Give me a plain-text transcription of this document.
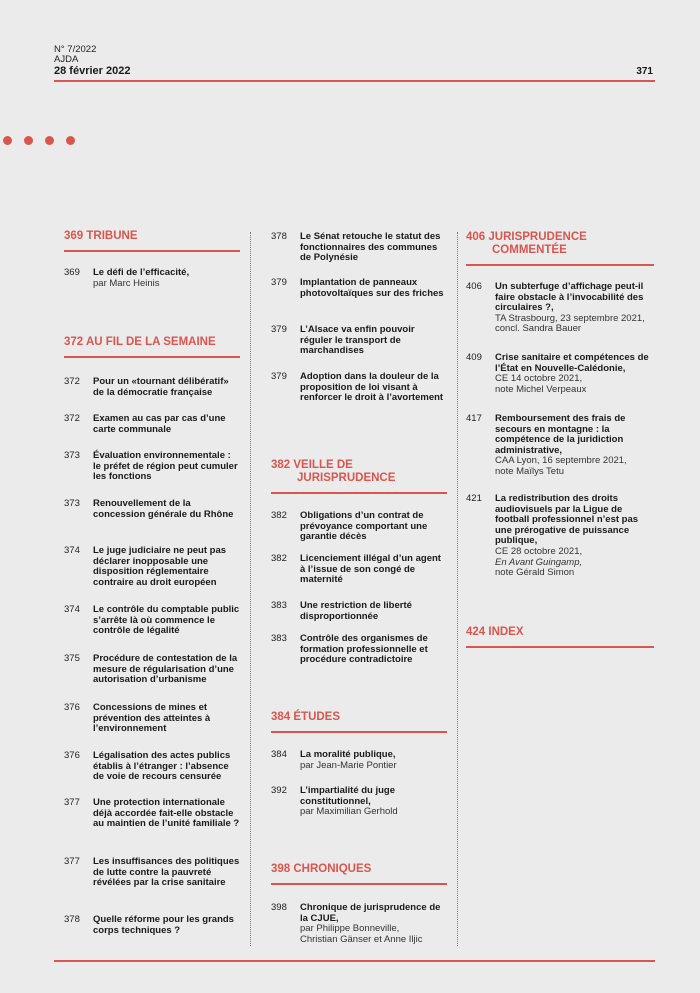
N° 7/2022
AJDA
28 février 2022	371
369 TRIBUNE
369	Le défi de l’efficacité,
par Marc Heinis
372 AU FIL DE LA SEMAINE
372	Pour un «tournant délibératif» de la démocratie française
372	Examen au cas par cas d’une carte communale
373	Évaluation environnementale : le préfet de région peut cumuler les fonctions
373	Renouvellement de la concession générale du Rhône
374	Le juge judiciaire ne peut pas déclarer inopposable une disposition réglementaire contraire au droit européen
374	Le contrôle du comptable public s’arrête là où commence le contrôle de légalité
375	Procédure de contestation de la mesure de régularisation d’une autorisation d’urbanisme
376	Concessions de mines et prévention des atteintes à l’environnement
376	Légalisation des actes publics établis à l’étranger : l’absence de voie de recours censurée
377	Une protection internationale déjà accordée fait-elle obstacle au maintien de l’unité familiale ?
377	Les insuffisances des politiques de lutte contre la pauvreté révélées par la crise sanitaire
378	Quelle réforme pour les grands corps techniques ?
378	Le Sénat retouche le statut des fonctionnaires des communes de Polynésie
379	Implantation de panneaux photovoltaïques sur des friches
379	L’Alsace va enfin pouvoir réguler le transport de marchandises
379	Adoption dans la douleur de la proposition de loi visant à renforcer le droit à l’avortement
382 VEILLE DE
JURISPRUDENCE
382	Obligations d’un contrat de prévoyance comportant une garantie décès
382	Licenciement illégal d’un agent à l’issue de son congé de maternité
383	Une restriction de liberté disproportionnée
383	Contrôle des organismes de formation professionnelle et procédure contradictoire
384 ÉTUDES
384	La moralité publique,
par Jean-Marie Pontier
392	L’impartialité du juge constitutionnel,
par Maximilian Gerhold
398 CHRONIQUES
398	Chronique de jurisprudence de la CJUE,
par Philippe Bonneville,
Christian Gänser et Anne Iljic
406 JURISPRUDENCE
COMMENTÉE
406	Un subterfuge d’affichage peut-il faire obstacle à l’invocabilité des circulaires ?,
TA Strasbourg, 23 septembre 2021,
concl. Sandra Bauer
409	Crise sanitaire et compétences de l’État en Nouvelle-Calédonie,
CE 14 octobre 2021,
note Michel Verpeaux
417	Remboursement des frais de secours en montagne : la compétence de la juridiction administrative,
CAA Lyon, 16 septembre 2021,
note Maïlys Tetu
421	La redistribution des droits audiovisuels par la Ligue de football professionnel n’est pas une prérogative de puissance publique,
CE 28 octobre 2021,
En Avant Guingamp,
note Gérald Simon
424 INDEX
